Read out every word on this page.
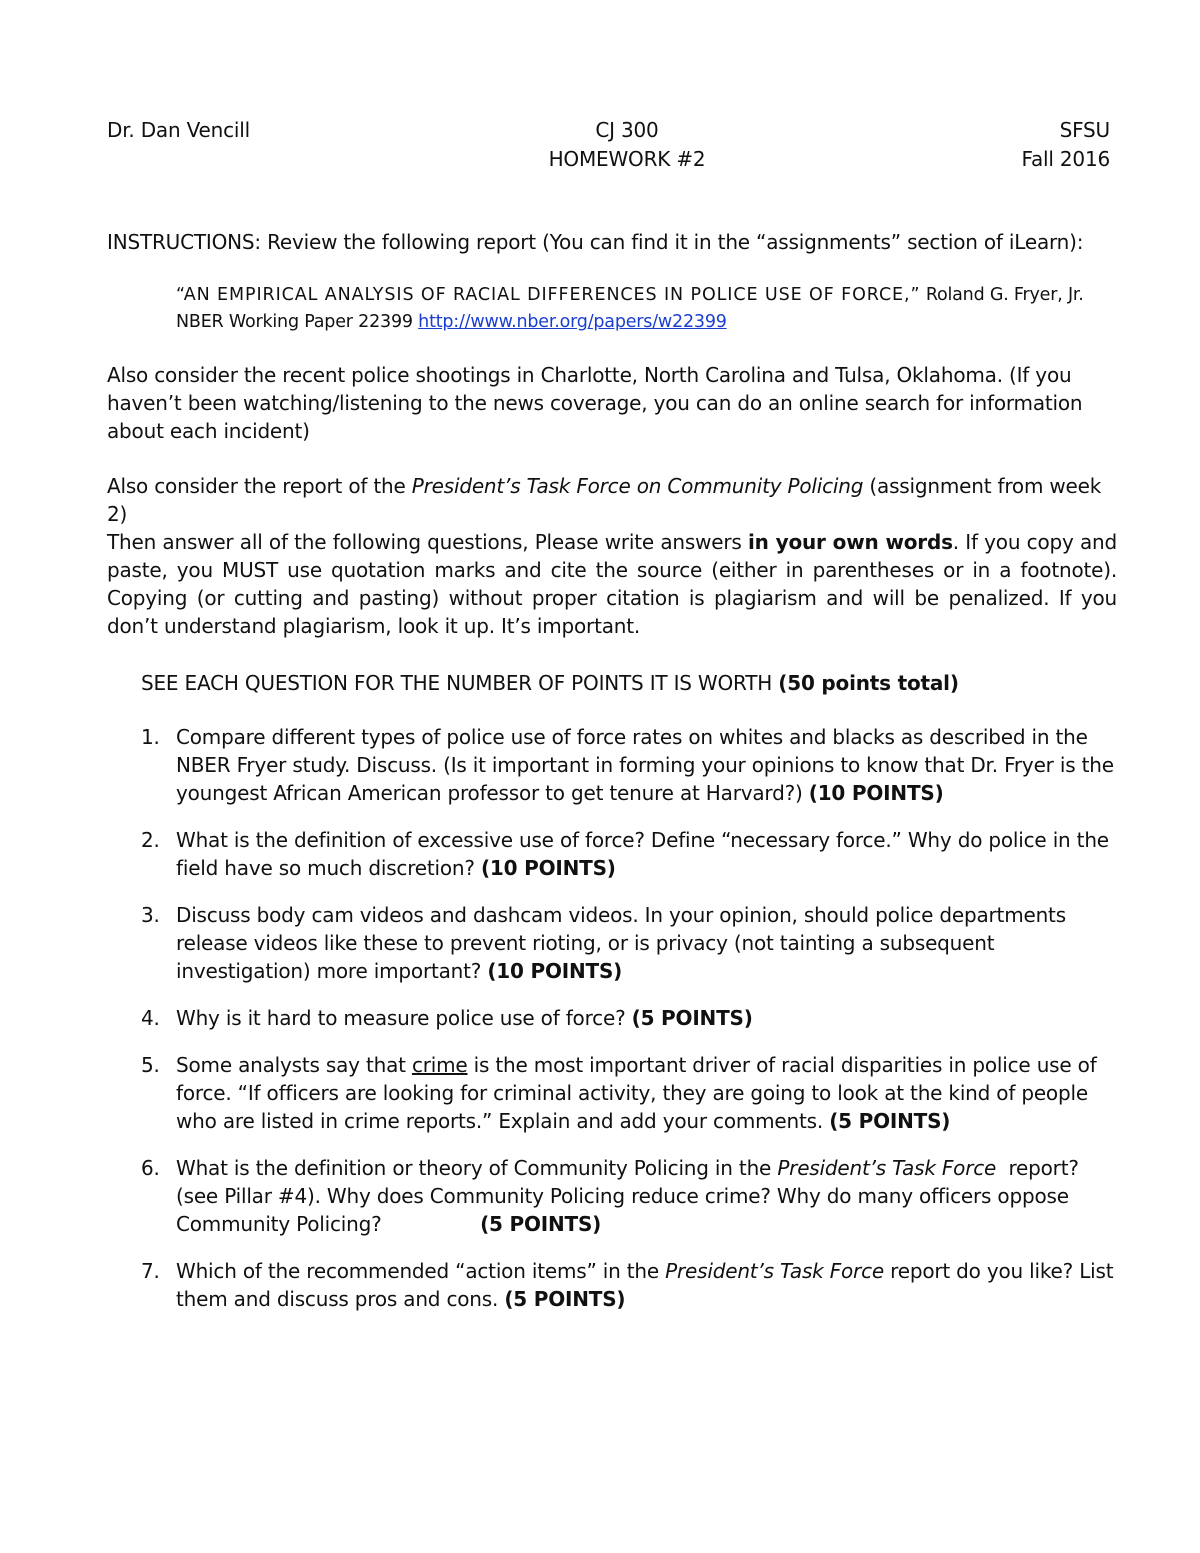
Dr. Dan Vencill	CJ 300
HOMEWORK #2
SFSU
Fall 2016
INSTRUCTIONS: Review the following report (You can find it in the “assignments” section of iLearn):
“AN EMPIRICAL ANALYSIS OF RACIAL DIFFERENCES IN POLICE USE OF FORCE,” Roland G. Fryer, Jr.
NBER Working Paper 22399 http://www.nber.org/papers/w22399
Also consider the recent police shootings in Charlotte, North Carolina and Tulsa, Oklahoma. (If you haven’t been watching/listening to the news coverage, you can do an online search for information about each incident)
Also consider the report of the President’s Task Force on Community Policing (assignment from week 2)
Then answer all of the following questions, Please write answers in your own words. If you copy and paste, you MUST use quotation marks and cite the source (either in parentheses or in a footnote). Copying (or cutting and pasting) without proper citation is plagiarism and will be penalized. If you don’t understand plagiarism, look it up. It’s important.
SEE EACH QUESTION FOR THE NUMBER OF POINTS IT IS WORTH (50 points total)
1. Compare different types of police use of force rates on whites and blacks as described in the NBER Fryer study. Discuss. (Is it important in forming your opinions to know that Dr. Fryer is the youngest African American professor to get tenure at Harvard?) (10 POINTS)
2. What is the definition of excessive use of force? Define “necessary force.” Why do police in the field have so much discretion? (10 POINTS)
3. Discuss body cam videos and dashcam videos. In your opinion, should police departments release videos like these to prevent rioting, or is privacy (not tainting a subsequent investigation) more important? (10 POINTS)
4. Why is it hard to measure police use of force? (5 POINTS)
5. Some analysts say that crime is the most important driver of racial disparities in police use of force. “If officers are looking for criminal activity, they are going to look at the kind of people who are listed in crime reports.” Explain and add your comments. (5 POINTS)
6. What is the definition or theory of Community Policing in the President’s Task Force  report? (see Pillar #4). Why does Community Policing reduce crime? Why do many officers oppose Community Policing?                (5 POINTS)
7. Which of the recommended “action items” in the President’s Task Force report do you like? List them and discuss pros and cons. (5 POINTS)
